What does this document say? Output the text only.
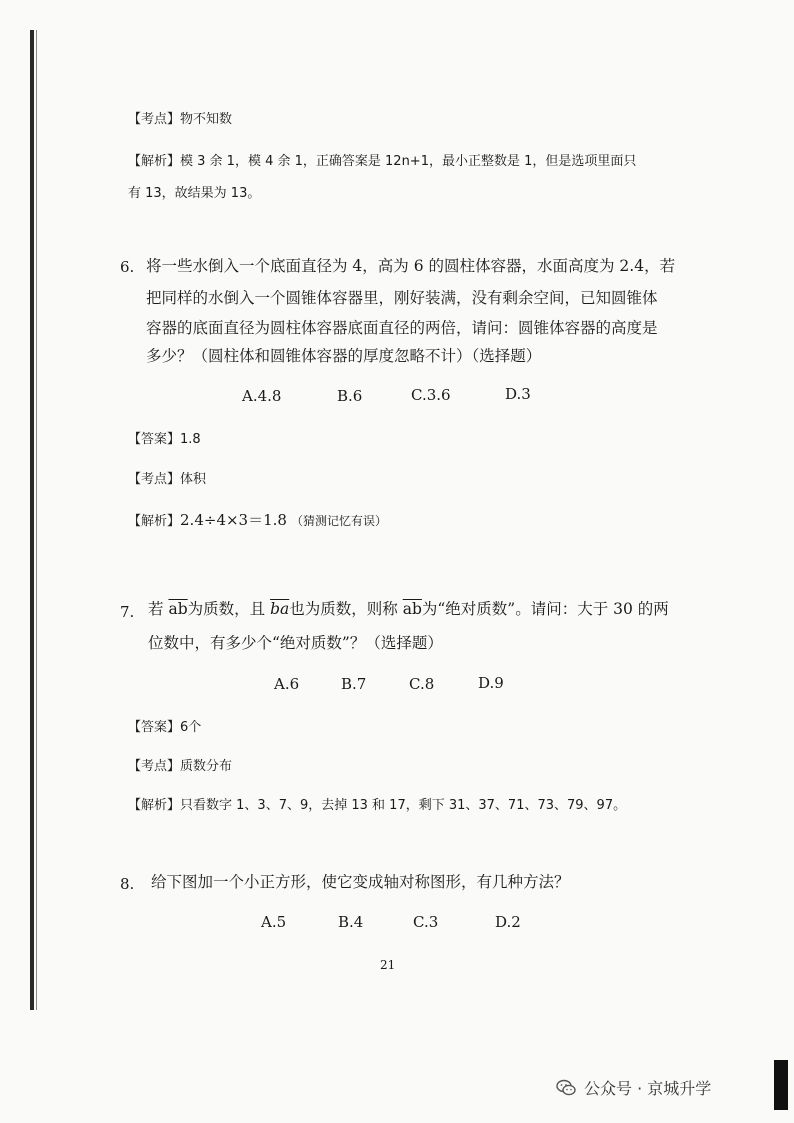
【考点】物不知数
【解析】模 3 余 1，模 4 余 1，正确答案是 12n+1，最小正整数是 1，但是选项里面只
有 13，故结果为 13。
6. 将一些水倒入一个底面直径为 4，高为 6 的圆柱体容器，水面高度为 2.4，若
把同样的水倒入一个圆锥体容器里，刚好装满，没有剩余空间，已知圆锥体
容器的底面直径为圆柱体容器底面直径的两倍，请问：圆锥体容器的高度是
多少？（圆柱体和圆锥体容器的厚度忽略不计）（选择题）
A.4.8	B.6	C.3.6	D.3
【答案】1.8
【考点】体积
【解析】2.4÷4×3＝1.8 （猜测记忆有误）
7. 若 $\overline{ab}$为质数，且 $\overline{ba}$也为质数，则称 $\overline{ab}$为“绝对质数”。请问：大于 30 的两
位数中，有多少个“绝对质数”？（选择题）
A.6	B.7	C.8	D.9
【答案】6个
【考点】质数分布
【解析】只看数字 1、3、7、9，去掉 13 和 17，剩下 31、37、71、73、79、97。
8. 给下图加一个小正方形，使它变成轴对称图形，有几种方法？
A.5	B.4	C.3	D.2
21
公众号 · 京城升学
